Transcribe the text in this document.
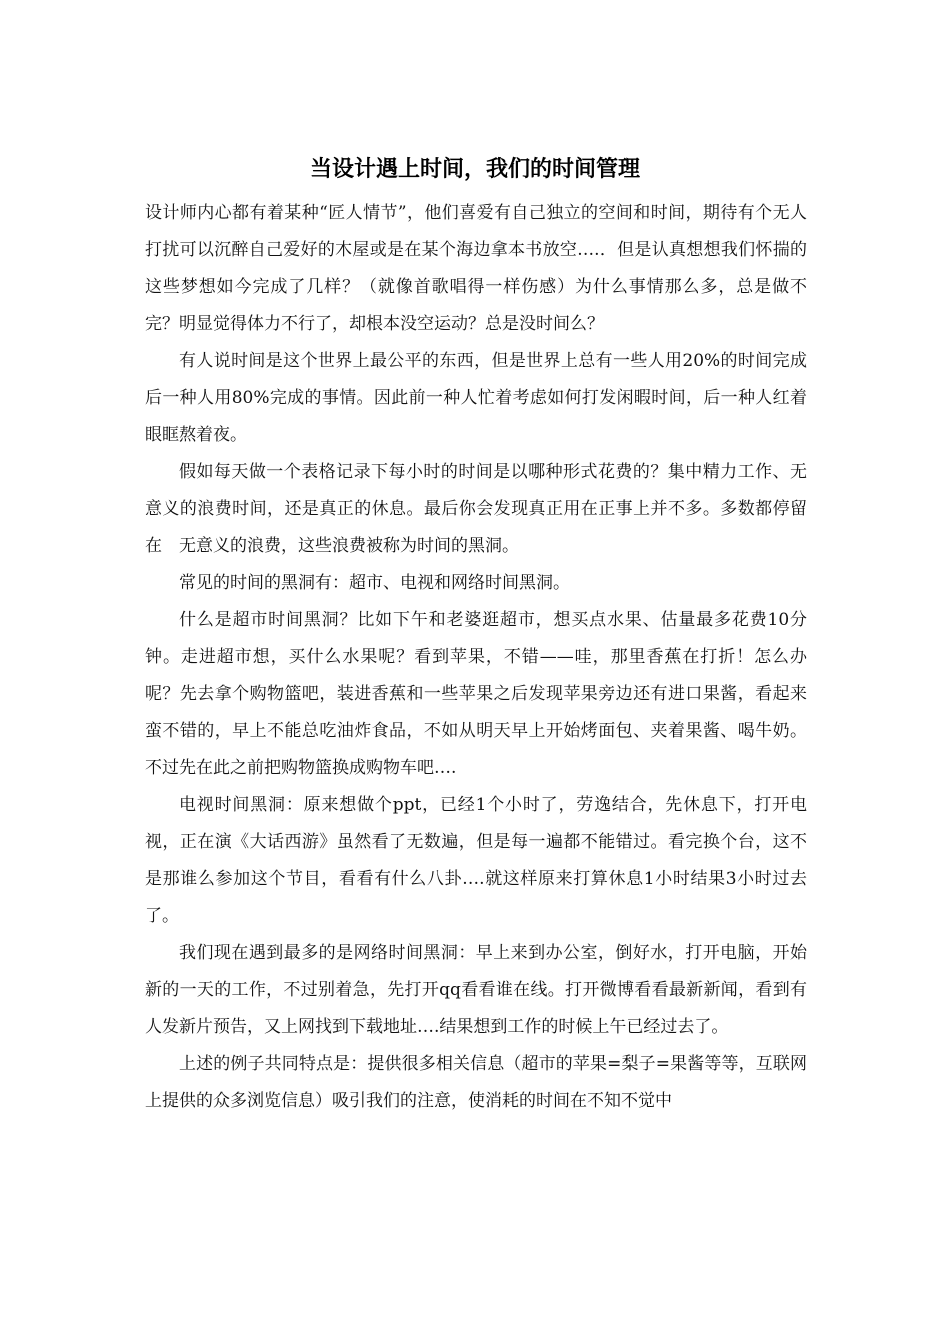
当设计遇上时间，我们的时间管理

设计师内心都有着某种“匠人情节”，他们喜爱有自己独立的空间和时间，期待有个无人打扰可以沉醉自己爱好的木屋或是在某个海边拿本书放空….．但是认真想想我们怀揣的这些梦想如今完成了几样？（就像首歌唱得一样伤感）为什么事情那么多，总是做不完？明显觉得体力不行了，却根本没空运动？总是没时间么？

有人说时间是这个世界上最公平的东西，但是世界上总有一些人用20%的时间完成后一种人用80%完成的事情。因此前一种人忙着考虑如何打发闲暇时间，后一种人红着眼眶熬着夜。

假如每天做一个表格记录下每小时的时间是以哪种形式花费的？集中精力工作、无意义的浪费时间，还是真正的休息。最后你会发现真正用在正事上并不多。多数都停留在　无意义的浪费，这些浪费被称为时间的黑洞。

常见的时间的黑洞有：超市、电视和网络时间黑洞。

什么是超市时间黑洞？比如下午和老婆逛超市，想买点水果、估量最多花费10分钟。走进超市想，买什么水果呢？看到苹果，不错——哇，那里香蕉在打折！怎么办呢？先去拿个购物篮吧，装进香蕉和一些苹果之后发现苹果旁边还有进口果酱，看起来蛮不错的，早上不能总吃油炸食品，不如从明天早上开始烤面包、夹着果酱、喝牛奶。不过先在此之前把购物篮换成购物车吧….

电视时间黑洞：原来想做个ppt，已经1个小时了，劳逸结合，先休息下，打开电视，正在演《大话西游》虽然看了无数遍，但是每一遍都不能错过。看完换个台，这不是那谁么参加这个节目，看看有什么八卦….就这样原来打算休息1小时结果3小时过去了。

我们现在遇到最多的是网络时间黑洞：早上来到办公室，倒好水，打开电脑，开始新的一天的工作，不过别着急，先打开qq看看谁在线。打开微博看看最新新闻，看到有人发新片预告，又上网找到下载地址….结果想到工作的时候上午已经过去了。

上述的例子共同特点是：提供很多相关信息（超市的苹果=梨子=果酱等等，互联网上提供的众多浏览信息）吸引我们的注意，使消耗的时间在不知不觉中
